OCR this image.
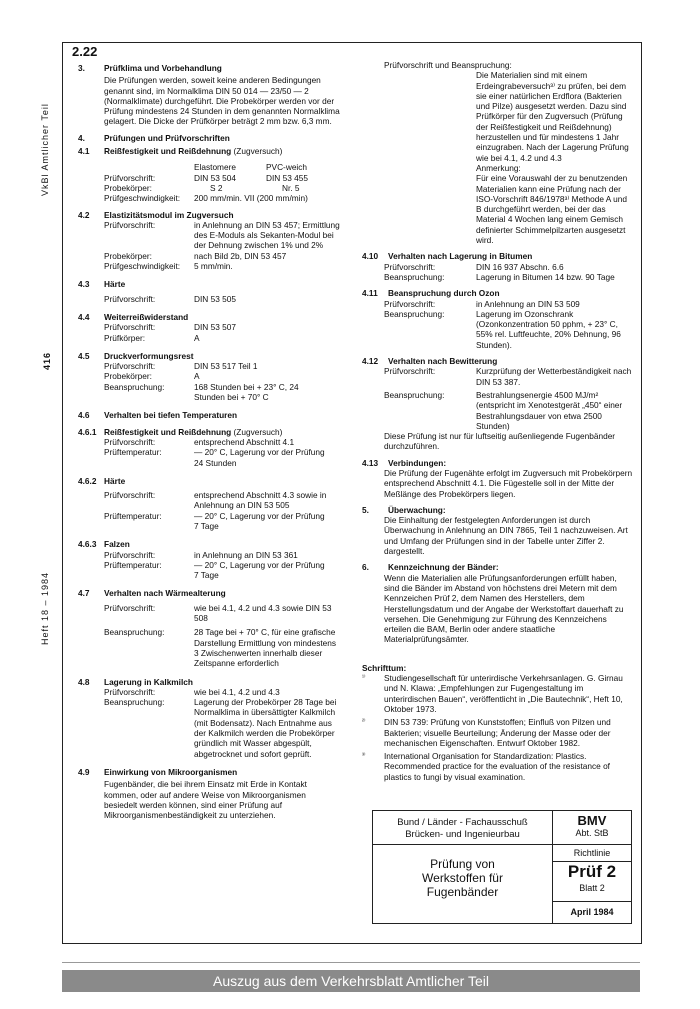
VkBl Amtlicher Teil
416
Heft 18 – 1984
2.22
3.	Prüfklima und Vorbehandlung
Die Prüfungen werden, soweit keine anderen Bedingungen genannt sind, im Normalklima DIN 50 014 — 23/50 — 2 (Normalklimate) durchgeführt. Die Probekörper werden vor der Prüfung mindestens 24 Stunden in dem genannten Normalklima gelagert. Die Dicke der Prüfkörper beträgt 2 mm bzw. 6,3 mm.
4.	Prüfungen und Prüfvorschriften
4.1	Reißfestigkeit und Reißdehnung (Zugversuch)
Elastomere	PVC-weich
Prüfvorschrift:	DIN 53 504	DIN 53 455
Probekörper:	S 2	Nr. 5
Prüfgeschwindigkeit:	200 mm/min. VII (200 mm/min)
4.2	Elastizitätsmodul im Zugversuch
Prüfvorschrift:	in Anlehnung an DIN 53 457; Ermittlung des E-Moduls als Sekanten-Modul bei der Dehnung zwischen 1% und 2%
Probekörper:	nach Bild 2b, DIN 53 457
Prüfgeschwindigkeit:	5 mm/min.
4.3	Härte
Prüfvorschrift:	DIN 53 505
4.4	Weiterreißwiderstand
Prüfvorschrift:	DIN 53 507
Prüfkörper:	A
4.5	Druckverformungsrest
Prüfvorschrift:	DIN 53 517 Teil 1
Probekörper:	A
Beanspruchung:	168 Stunden bei + 23° C, 24 Stunden bei + 70° C
4.6	Verhalten bei tiefen Temperaturen
4.6.1 Reißfestigkeit und Reißdehnung (Zugversuch)
Prüfvorschrift:	entsprechend Abschnitt 4.1
Prüftemperatur:	— 20° C, Lagerung vor der Prüfung 24 Stunden
4.6.2 Härte
Prüfvorschrift:	entsprechend Abschnitt 4.3 sowie in Anlehnung an DIN 53 505
Prüftemperatur:	— 20° C, Lagerung vor der Prüfung 7 Tage
4.6.3 Falzen
Prüfvorschrift:	in Anlehnung an DIN 53 361
Prüftemperatur:	— 20° C, Lagerung vor der Prüfung 7 Tage
4.7	Verhalten nach Wärmealterung
Prüfvorschrift:	wie bei 4.1, 4.2 und 4.3 sowie DIN 53 508
Beanspruchung:	28 Tage bei + 70° C, für eine grafische Darstellung Ermittlung von mindestens 3 Zwischenwerten innerhalb dieser Zeitspanne erforderlich
4.8	Lagerung in Kalkmilch
Prüfvorschrift:	wie bei 4.1, 4.2 und 4.3
Beanspruchung:	Lagerung der Probekörper 28 Tage bei Normalklima in übersättigter Kalkmilch (mit Bodensatz). Nach Entnahme aus der Kalkmilch werden die Probekörper gründlich mit Wasser abgespült, abgetrocknet und sofort geprüft.
4.9	Einwirkung von Mikroorganismen
Fugenbänder, die bei ihrem Einsatz mit Erde in Kontakt kommen, oder auf andere Weise von Mikroorganismen besiedelt werden können, sind einer Prüfung auf Mikroorganismenbeständigkeit zu unterziehen.
Prüfvorschrift und Beanspruchung:
Die Materialien sind mit einem Erdeingrabeversuch³⁾ zu prüfen, bei dem sie einer natürlichen Erdflora (Bakterien und Pilze) ausgesetzt werden. Dazu sind Prüfkörper für den Zugversuch (Prüfung der Reißfestigkeit und Reißdehnung) herzustellen und für mindestens 1 Jahr einzugraben. Nach der Lagerung Prüfung wie bei 4.1, 4.2 und 4.3
Anmerkung:
Für eine Vorauswahl der zu benutzenden Materialien kann eine Prüfung nach der ISO-Vorschrift 846/1978³⁾ Methode A und B durchgeführt werden, bei der das Material 4 Wochen lang einem Gemisch definierter Schimmelpilzarten ausgesetzt wird.
4.10	Verhalten nach Lagerung in Bitumen
Prüfvorschrift:	DIN 16 937 Abschn. 6.6
Beanspruchung:	Lagerung in Bitumen 14 bzw. 90 Tage
4.11	Beanspruchung durch Ozon
Prüfvorschrift:	in Anlehnung an DIN 53 509
Beanspruchung:	Lagerung im Ozonschrank (Ozonkonzentration 50 pphm, + 23° C, 55% rel. Luftfeuchte, 20% Dehnung, 96 Stunden).
4.12	Verhalten nach Bewitterung
Prüfvorschrift:	Kurzprüfung der Wetterbeständigkeit nach DIN 53 387.
Beanspruchung:	Bestrahlungsenergie 4500 MJ/m² (entspricht im Xenotestgerät „450“ einer Bestrahlungsdauer von etwa 2500 Stunden)
Diese Prüfung ist nur für luftseitig außenliegende Fugenbänder durchzuführen.
4.13	Verbindungen:
Die Prüfung der Fugenähte erfolgt im Zugversuch mit Probekörpern entsprechend Abschnitt 4.1. Die Fügestelle soll in der Mitte der Meßlänge des Probekörpers liegen.
5.	Überwachung:
Die Einhaltung der festgelegten Anforderungen ist durch Überwachung in Anlehnung an DIN 7865, Teil 1 nachzuweisen. Art und Umfang der Prüfungen sind in der Tabelle unter Ziffer 2. dargestellt.
6.	Kennzeichnung der Bänder:
Wenn die Materialien alle Prüfungsanforderungen erfüllt haben, sind die Bänder im Abstand von höchstens drei Metern mit dem Kennzeichen Prüf 2, dem Namen des Herstellers, dem Herstellungsdatum und der Angabe der Werkstoffart dauerhaft zu versehen. Die Genehmigung zur Führung des Kennzeichens erteilen die BAM, Berlin oder andere staatliche Materialprüfungsämter.
Schrifttum:
¹⁾	Studiengesellschaft für unterirdische Verkehrsanlagen. G. Girnau und N. Klawa: „Empfehlungen zur Fugengestaltung im unterirdischen Bauen“, veröffentlicht in „Die Bautechnik“, Heft 10, Oktober 1973.
²⁾	DIN 53 739: Prüfung von Kunststoffen; Einfluß von Pilzen und Bakterien; visuelle Beurteilung; Änderung der Masse oder der mechanischen Eigenschaften. Entwurf Oktober 1982.
³⁾	International Organisation for Standardization: Plastics. Recommended practice for the evaluation of the resistance of plastics to fungi by visual examination.
Bund / Länder - Fachausschuß
Brücken- und Ingenieurbau
BMV
Abt. StB
Prüfung von
Werkstoffen für
Fugenbänder
Richtlinie
Prüf 2
Blatt 2
April 1984
Auszug aus dem Verkehrsblatt Amtlicher Teil
